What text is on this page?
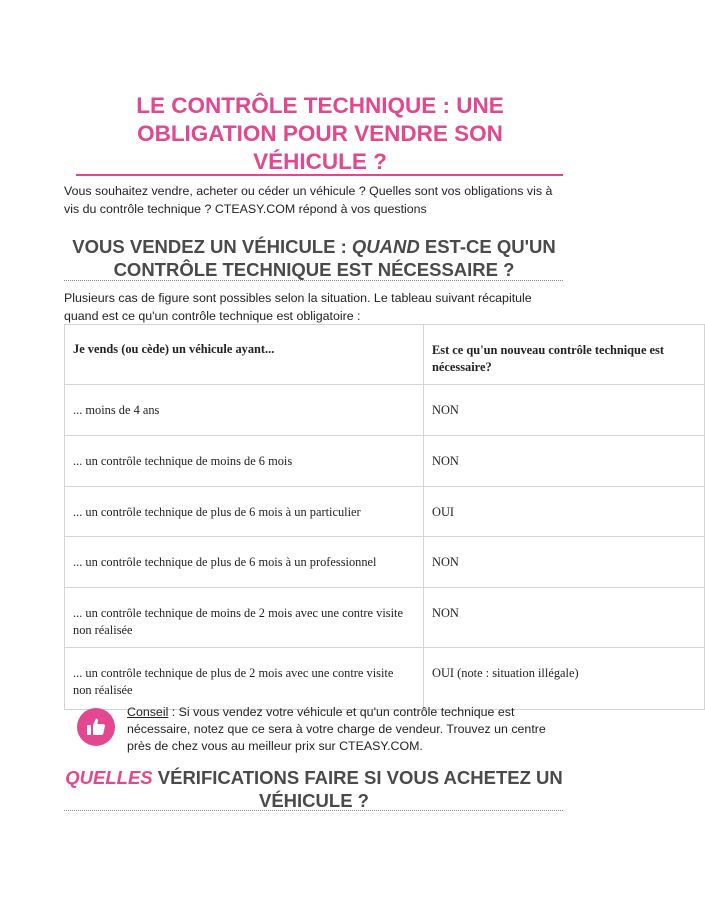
LE CONTRÔLE TECHNIQUE : UNE
OBLIGATION POUR VENDRE SON
VÉHICULE ?

Vous souhaitez vendre, acheter ou céder un véhicule ? Quelles sont vos obligations vis à vis du contrôle technique ? CTEASY.COM répond à vos questions

VOUS VENDEZ UN VÉHICULE : QUAND EST-CE QU'UN CONTRÔLE TECHNIQUE EST NÉCESSAIRE ?

Plusieurs cas de figure sont possibles selon la situation. Le tableau suivant récapitule quand est ce qu'un contrôle technique est obligatoire :

Je vends (ou cède) un véhicule ayant...	Est ce qu'un nouveau contrôle technique est nécessaire?
... moins de 4 ans	NON
... un contrôle technique de moins de 6 mois	NON
... un contrôle technique de plus de 6 mois à un particulier	OUI
... un contrôle technique de plus de 6 mois à un professionnel	NON
... un contrôle technique de moins de 2 mois avec une contre visite non réalisée	NON
... un contrôle technique de plus de 2 mois avec une contre visite non réalisée	OUI (note : situation illégale)

Conseil : Si vous vendez votre véhicule et qu'un contrôle technique est nécessaire, notez que ce sera à votre charge de vendeur. Trouvez un centre près de chez vous au meilleur prix sur CTEASY.COM.

QUELLES VÉRIFICATIONS FAIRE SI VOUS ACHETEZ UN VÉHICULE ?
